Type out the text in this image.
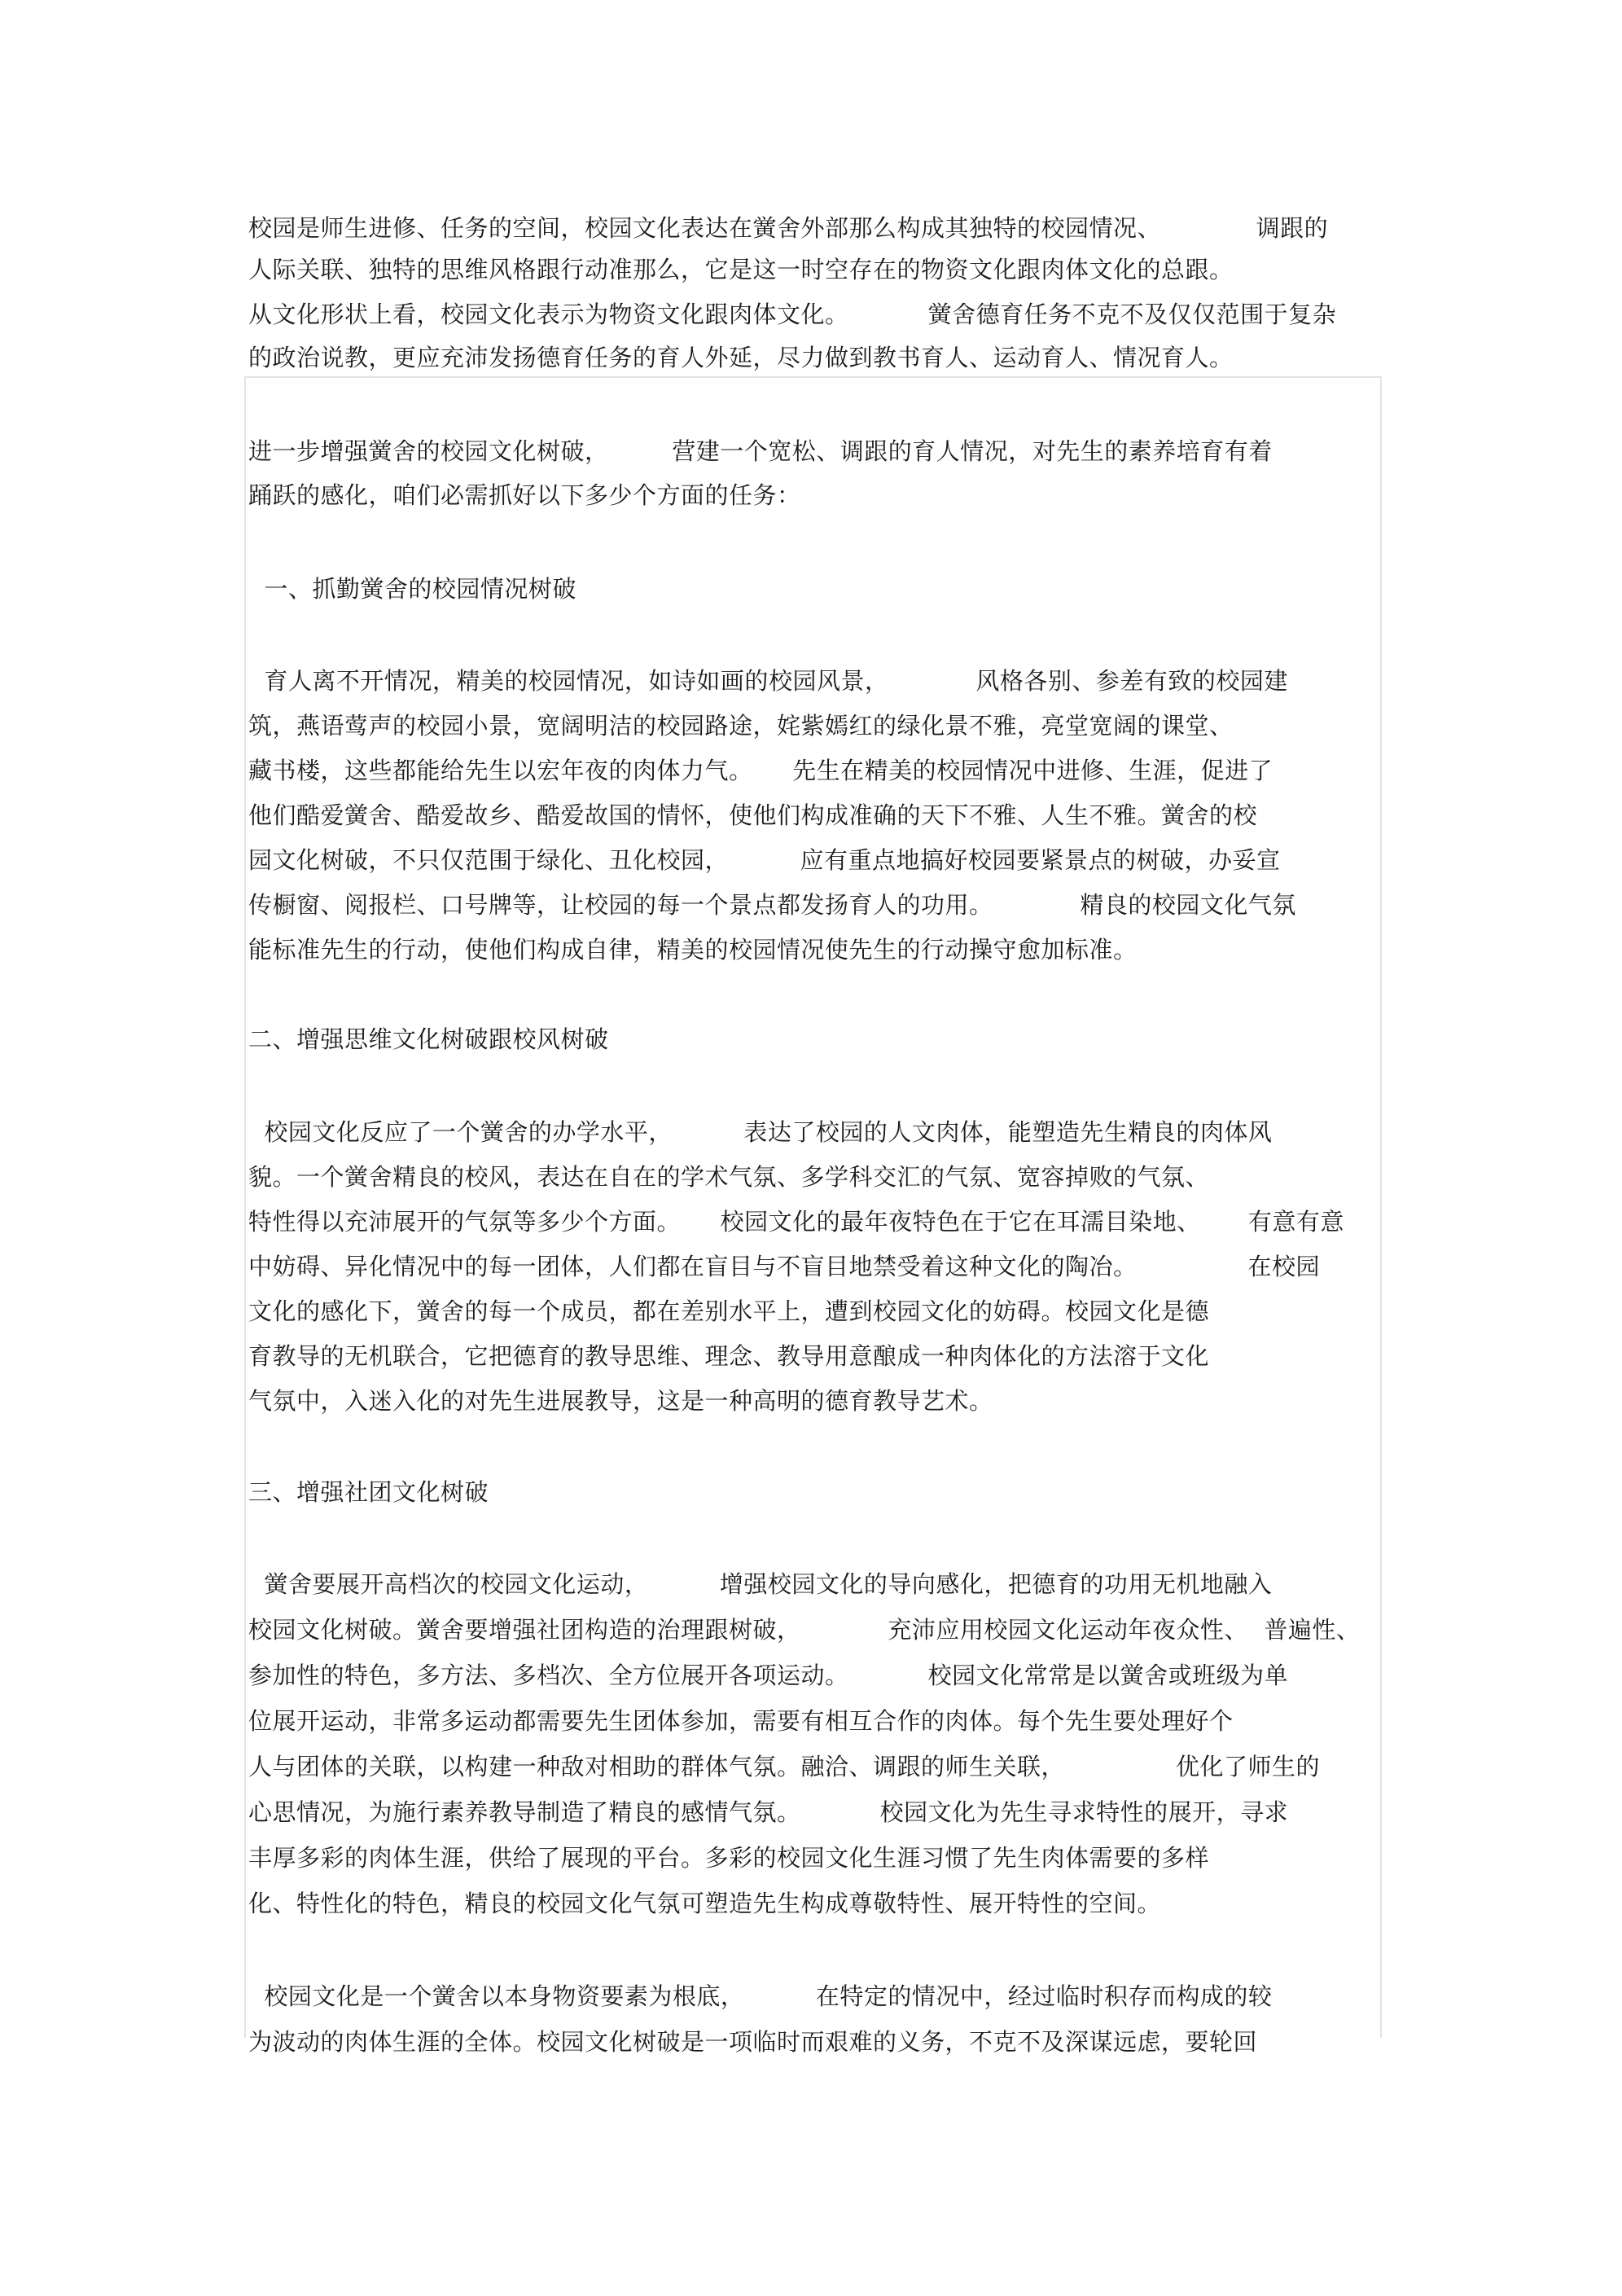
校园是师生进修、任务的空间，校园文化表达在黉舍外部那么构成其独特的校园情况、            调跟的
人际关联、独特的思维风格跟行动准那么，它是这一时空存在的物资文化跟肉体文化的总跟。
从文化形状上看，校园文化表示为物资文化跟肉体文化。          黉舍德育任务不克不及仅仅范围于复杂
的政治说教，更应充沛发扬德育任务的育人外延，尽力做到教书育人、运动育人、情况育人。
进一步增强黉舍的校园文化树破，        营建一个宽松、调跟的育人情况，对先生的素养培育有着
踊跃的感化，咱们必需抓好以下多少个方面的任务：
一、抓勤黉舍的校园情况树破
育人离不开情况，精美的校园情况，如诗如画的校园风景，           风格各别、参差有致的校园建
筑，燕语莺声的校园小景，宽阔明洁的校园路途，姹紫嫣红的绿化景不雅，亮堂宽阔的课堂、
藏书楼，这些都能给先生以宏年夜的肉体力气。     先生在精美的校园情况中进修、生涯，促进了
他们酷爱黉舍、酷爱故乡、酷爱故国的情怀，使他们构成准确的天下不雅、人生不雅。黉舍的校
园文化树破，不只仅范围于绿化、丑化校园，         应有重点地搞好校园要紧景点的树破，办妥宣
传橱窗、阅报栏、口号牌等，让校园的每一个景点都发扬育人的功用。           精良的校园文化气氛
能标准先生的行动，使他们构成自律，精美的校园情况使先生的行动操守愈加标准。
二、增强思维文化树破跟校风树破
校园文化反应了一个黉舍的办学水平，         表达了校园的人文肉体，能塑造先生精良的肉体风
貌。一个黉舍精良的校风，表达在自在的学术气氛、多学科交汇的气氛、宽容掉败的气氛、
特性得以充沛展开的气氛等多少个方面。     校园文化的最年夜特色在于它在耳濡目染地、      有意有意
中妨碍、异化情况中的每一团体，人们都在盲目与不盲目地禁受着这种文化的陶冶。              在校园
文化的感化下，黉舍的每一个成员，都在差别水平上，遭到校园文化的妨碍。校园文化是德
育教导的无机联合，它把德育的教导思维、理念、教导用意酿成一种肉体化的方法溶于文化
气氛中，入迷入化的对先生进展教导，这是一种高明的德育教导艺术。
三、增强社团文化树破
黉舍要展开高档次的校园文化运动，         增强校园文化的导向感化，把德育的功用无机地融入
校园文化树破。黉舍要增强社团构造的治理跟树破，           充沛应用校园文化运动年夜众性、  普遍性、
参加性的特色，多方法、多档次、全方位展开各项运动。          校园文化常常是以黉舍或班级为单
位展开运动，非常多运动都需要先生团体参加，需要有相互合作的肉体。每个先生要处理好个
人与团体的关联，以构建一种敌对相助的群体气氛。融洽、调跟的师生关联，              优化了师生的
心思情况，为施行素养教导制造了精良的感情气氛。          校园文化为先生寻求特性的展开，寻求
丰厚多彩的肉体生涯，供给了展现的平台。多彩的校园文化生涯习惯了先生肉体需要的多样
化、特性化的特色，精良的校园文化气氛可塑造先生构成尊敬特性、展开特性的空间。
校园文化是一个黉舍以本身物资要素为根底，         在特定的情况中，经过临时积存而构成的较
为波动的肉体生涯的全体。校园文化树破是一项临时而艰难的义务，不克不及深谋远虑，要轮回
